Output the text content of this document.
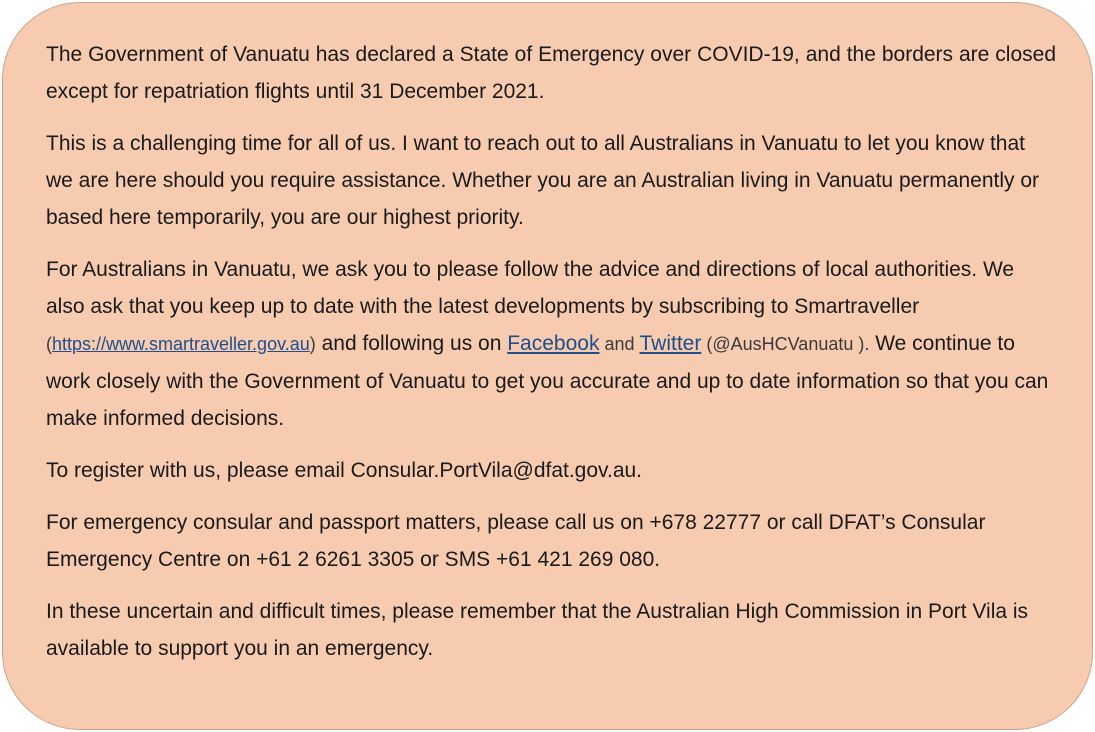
The Government of Vanuatu has declared a State of Emergency over COVID-19, and the borders are closed except for repatriation flights until 31 December 2021.

This is a challenging time for all of us. I want to reach out to all Australians in Vanuatu to let you know that we are here should you require assistance. Whether you are an Australian living in Vanuatu permanently or based here temporarily, you are our highest priority.

For Australians in Vanuatu, we ask you to please follow the advice and directions of local authorities. We also ask that you keep up to date with the latest developments by subscribing to Smartraveller (https://www.smartraveller.gov.au) and following us on Facebook and Twitter (@AusHCVanuatu ). We continue to work closely with the Government of Vanuatu to get you accurate and up to date information so that you can make informed decisions.

To register with us, please email Consular.PortVila@dfat.gov.au.

For emergency consular and passport matters, please call us on +678 22777 or call DFAT’s Consular Emergency Centre on +61 2 6261 3305 or SMS +61 421 269 080.

In these uncertain and difficult times, please remember that the Australian High Commission in Port Vila is available to support you in an emergency.
